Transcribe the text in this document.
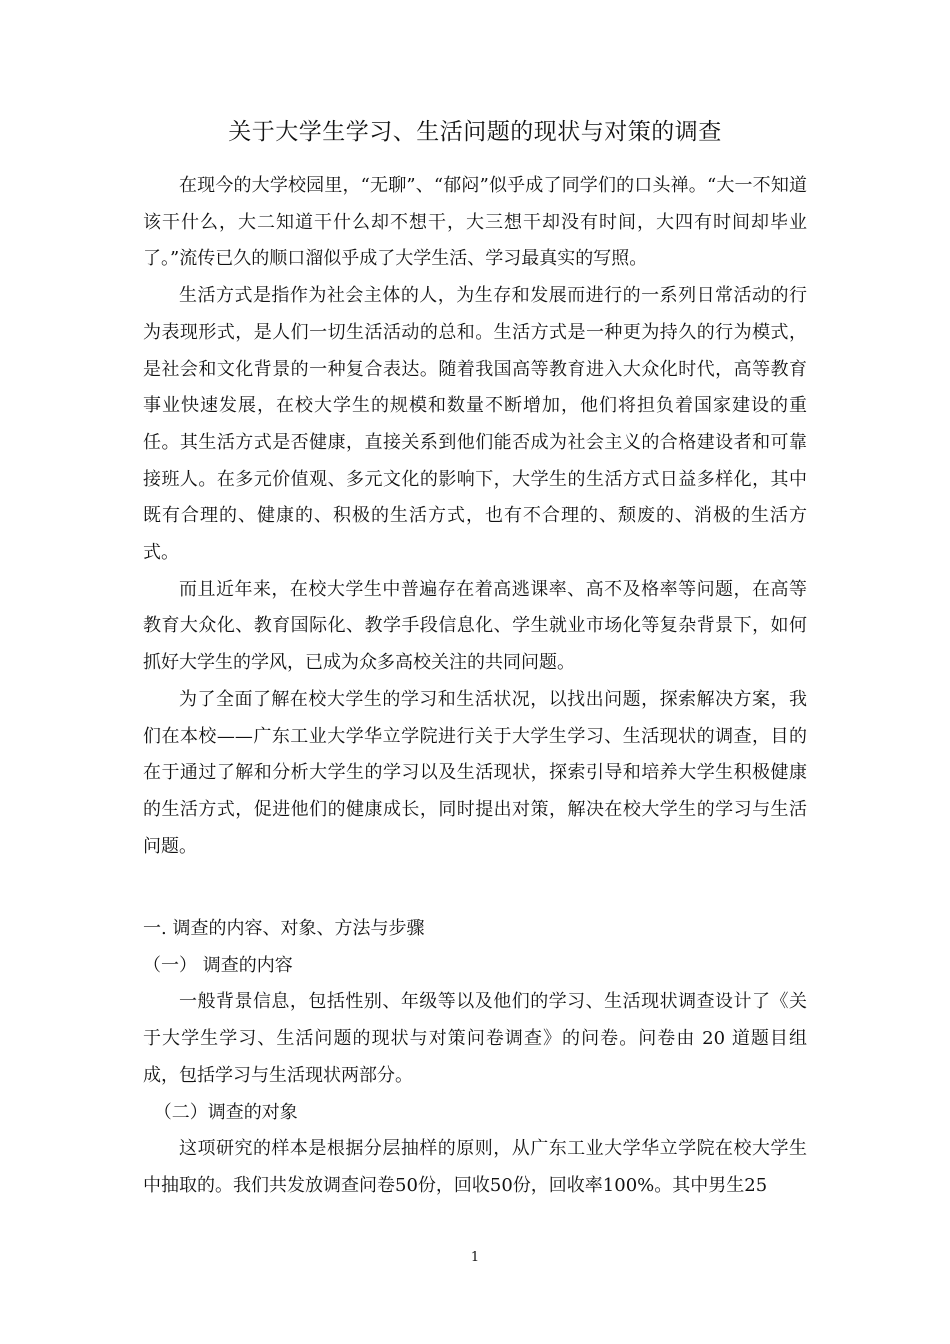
关于大学生学习、生活问题的现状与对策的调查

在现今的大学校园里，“无聊”、“郁闷”似乎成了同学们的口头禅。“大一不知道该干什么，大二知道干什么却不想干，大三想干却没有时间，大四有时间却毕业了。”流传已久的顺口溜似乎成了大学生活、学习最真实的写照。

生活方式是指作为社会主体的人，为生存和发展而进行的一系列日常活动的行为表现形式，是人们一切生活活动的总和。生活方式是一种更为持久的行为模式，是社会和文化背景的一种复合表达。随着我国高等教育进入大众化时代，高等教育事业快速发展，在校大学生的规模和数量不断增加，他们将担负着国家建设的重任。其生活方式是否健康，直接关系到他们能否成为社会主义的合格建设者和可靠接班人。在多元价值观、多元文化的影响下，大学生的生活方式日益多样化，其中既有合理的、健康的、积极的生活方式，也有不合理的、颓废的、消极的生活方式。

而且近年来，在校大学生中普遍存在着高逃课率、高不及格率等问题，在高等教育大众化、教育国际化、教学手段信息化、学生就业市场化等复杂背景下，如何抓好大学生的学风，已成为众多高校关注的共同问题。

为了全面了解在校大学生的学习和生活状况，以找出问题，探索解决方案，我们在本校——广东工业大学华立学院进行关于大学生学习、生活现状的调查，目的在于通过了解和分析大学生的学习以及生活现状，探索引导和培养大学生积极健康的生活方式，促进他们的健康成长，同时提出对策，解决在校大学生的学习与生活问题。

一. 调查的内容、对象、方法与步骤

（一） 调查的内容

一般背景信息，包括性别、年级等以及他们的学习、生活现状调查设计了《关于大学生学习、生活问题的现状与对策问卷调查》的问卷。问卷由 20 道题目组成，包括学习与生活现状两部分。

（二）调查的对象

这项研究的样本是根据分层抽样的原则，从广东工业大学华立学院在校大学生中抽取的。我们共发放调查问卷50份，回收50份，回收率100%。其中男生25

1
